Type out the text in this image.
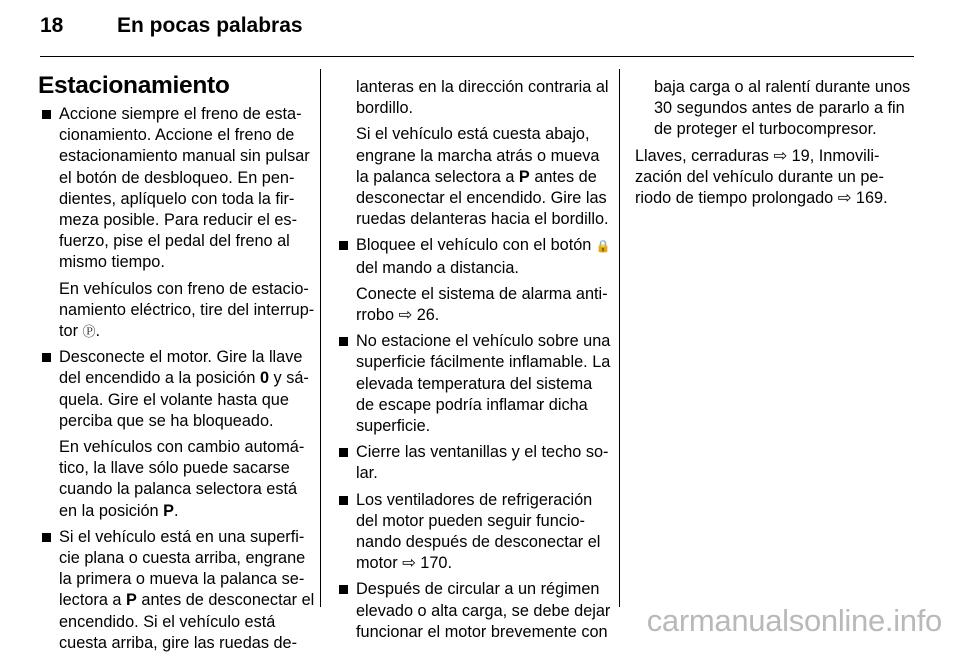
18	En pocas palabras
Estacionamiento
Accione siempre el freno de esta-
cionamiento. Accione el freno de
estacionamiento manual sin pulsar
el botón de desbloqueo. En pen-
dientes, aplíquelo con toda la fir-
meza posible. Para reducir el es-
fuerzo, pise el pedal del freno al
mismo tiempo.
En vehículos con freno de estacio-
namiento eléctrico, tire del interrup-
tor Ⓟ.
Desconecte el motor. Gire la llave
del encendido a la posición 0 y sá-
quela. Gire el volante hasta que
perciba que se ha bloqueado.
En vehículos con cambio automá-
tico, la llave sólo puede sacarse
cuando la palanca selectora está
en la posición P.
Si el vehículo está en una superfi-
cie plana o cuesta arriba, engrane
la primera o mueva la palanca se-
lectora a P antes de desconectar el
encendido. Si el vehículo está
cuesta arriba, gire las ruedas de-
lanteras en la dirección contraria al
bordillo.
Si el vehículo está cuesta abajo,
engrane la marcha atrás o mueva
la palanca selectora a P antes de
desconectar el encendido. Gire las
ruedas delanteras hacia el bordillo.
Bloquee el vehículo con el botón 🔒
del mando a distancia.
Conecte el sistema de alarma anti-
rrobo ⇨ 26.
No estacione el vehículo sobre una
superficie fácilmente inflamable. La
elevada temperatura del sistema
de escape podría inflamar dicha
superficie.
Cierre las ventanillas y el techo so-
lar.
Los ventiladores de refrigeración
del motor pueden seguir funcio-
nando después de desconectar el
motor ⇨ 170.
Después de circular a un régimen
elevado o alta carga, se debe dejar
funcionar el motor brevemente con
baja carga o al ralentí durante unos
30 segundos antes de pararlo a fin
de proteger el turbocompresor.
Llaves, cerraduras ⇨ 19, Inmovili-
zación del vehículo durante un pe-
riodo de tiempo prolongado ⇨ 169.
carmanualsonline.info
